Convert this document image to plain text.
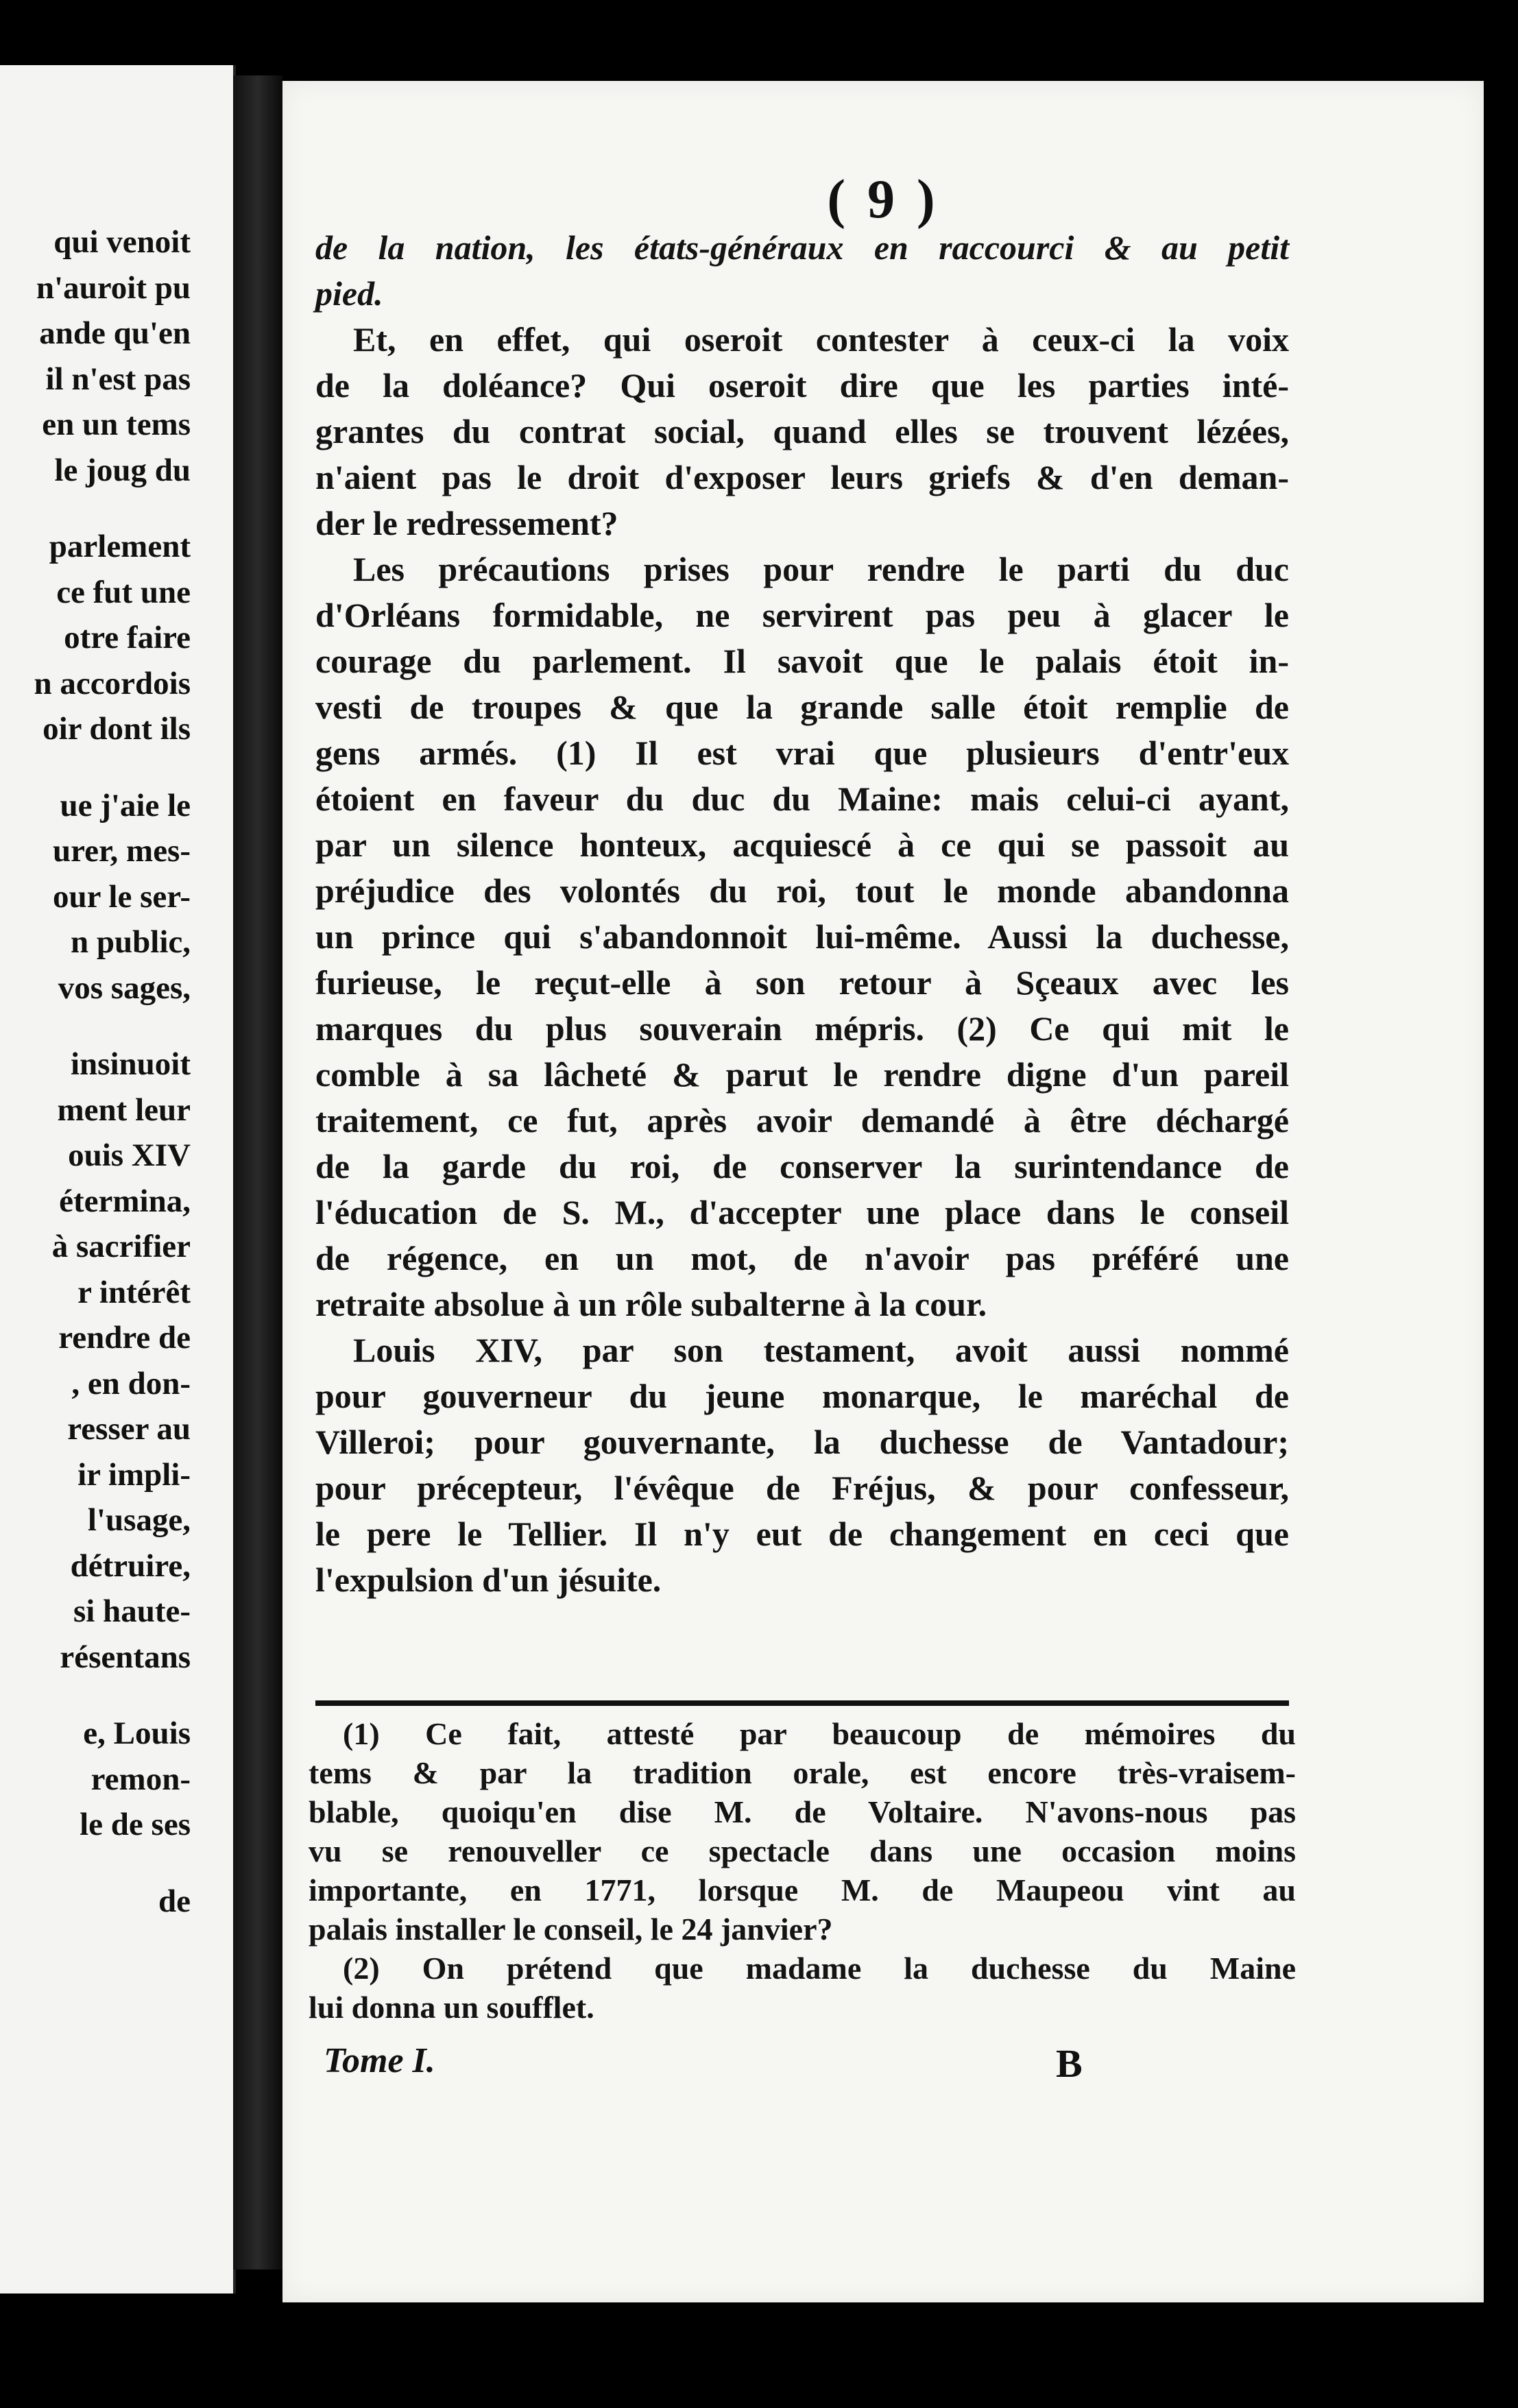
qui venoit
n'auroit pu
ande qu'en
il n'est pas
en un tems
le joug du
parlement
ce fut une
otre faire
n accordois
oir dont ils
ue j'aie le
urer, mes-
our le ser-
n public,
vos sages,
insinuoit
ment leur
ouis XIV
étermina,
à sacrifier
r intérêt
rendre de
, en don-
resser au
ir impli-
l'usage,
détruire,
si haute-
résentans
e, Louis
remon-
le de ses
de
( 9 )
de la nation, les états-généraux en raccourci & au petit
pied.
Et, en effet, qui oseroit contester à ceux-ci la voix
de la doléance? Qui oseroit dire que les parties inté-
grantes du contrat social, quand elles se trouvent lézées,
n'aient pas le droit d'exposer leurs griefs & d'en deman-
der le redressement?
Les précautions prises pour rendre le parti du duc
d'Orléans formidable, ne servirent pas peu à glacer le
courage du parlement. Il savoit que le palais étoit in-
vesti de troupes & que la grande salle étoit remplie de
gens armés. (1) Il est vrai que plusieurs d'entr'eux
étoient en faveur du duc du Maine: mais celui-ci ayant,
par un silence honteux, acquiescé à ce qui se passoit au
préjudice des volontés du roi, tout le monde abandonna
un prince qui s'abandonnoit lui-même. Aussi la duchesse,
furieuse, le reçut-elle à son retour à Sçeaux avec les
marques du plus souverain mépris. (2) Ce qui mit le
comble à sa lâcheté & parut le rendre digne d'un pareil
traitement, ce fut, après avoir demandé à être déchargé
de la garde du roi, de conserver la surintendance de
l'éducation de S. M., d'accepter une place dans le conseil
de régence, en un mot, de n'avoir pas préféré une
retraite absolue à un rôle subalterne à la cour.
Louis XIV, par son testament, avoit aussi nommé
pour gouverneur du jeune monarque, le maréchal de
Villeroi; pour gouvernante, la duchesse de Vantadour;
pour précepteur, l'évêque de Fréjus, & pour confesseur,
le pere le Tellier. Il n'y eut de changement en ceci que
l'expulsion d'un jésuite.
(1) Ce fait, attesté par beaucoup de mémoires du
tems & par la tradition orale, est encore très-vraisem-
blable, quoiqu'en dise M. de Voltaire. N'avons-nous pas
vu se renouveller ce spectacle dans une occasion moins
importante, en 1771, lorsque M. de Maupeou vint au
palais installer le conseil, le 24 janvier?
(2) On prétend que madame la duchesse du Maine
lui donna un soufflet.
Tome I.	B
